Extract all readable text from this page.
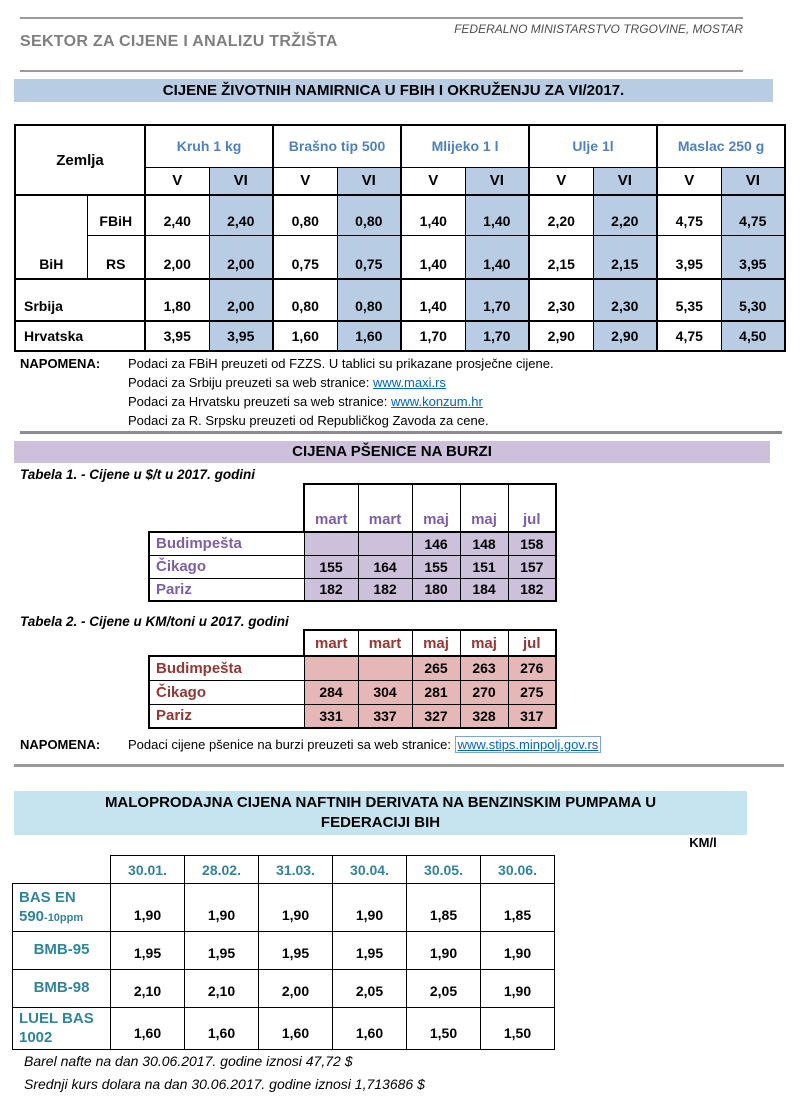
FEDERALNO MINISTARSTVO TRGOVINE, MOSTAR
SEKTOR ZA CIJENE I ANALIZU TRŽIŠTA
CIJENE ŽIVOTNIH NAMIRNICA U FBIH I OKRUŽENJU ZA VI/2017.
Zemlja		Kruh 1 kg		Brašno tip 500		Mlijeko 1 l		Ulje 1l		Maslac 250 g	
		V	VI	V	VI	V	VI	V	VI	V	VI
BiH	FBiH	2,40	2,40	0,80	0,80	1,40	1,40	2,20	2,20	4,75	4,75
	RS	2,00	2,00	0,75	0,75	1,40	1,40	2,15	2,15	3,95	3,95
Srbija		1,80	2,00	0,80	0,80	1,40	1,70	2,30	2,30	5,35	5,30
Hrvatska		3,95	3,95	1,60	1,60	1,70	1,70	2,90	2,90	4,75	4,50
NAPOMENA: Podaci za FBiH preuzeti od FZZS. U tablici su prikazane prosječne cijene.
Podaci za Srbiju preuzeti sa web stranice: www.maxi.rs
Podaci za Hrvatsku preuzeti sa web stranice: www.konzum.hr
Podaci za R. Srpsku preuzeti od Republičkog Zavoda za cene.
CIJENA PŠENICE NA BURZI
Tabela 1. - Cijene u $/t u 2017. godini
	mart	mart	maj	maj	jul
Budimpešta			146	148	158
Čikago	155	164	155	151	157
Pariz	182	182	180	184	182
Tabela 2. - Cijene u KM/toni u 2017. godini
	mart	mart	maj	maj	jul
Budimpešta			265	263	276
Čikago	284	304	281	270	275
Pariz	331	337	327	328	317
NAPOMENA: Podaci cijene pšenice na burzi preuzeti sa web stranice: www.stips.minpolj.gov.rs
MALOPRODAJNA CIJENA NAFTNIH DERIVATA NA BENZINSKIM PUMPAMA U
FEDERACIJI BIH
KM/l
	30.01.	28.02.	31.03.	30.04.	30.05.	30.06.
BAS EN
590-10ppm	1,90	1,90	1,90	1,90	1,85	1,85
BMB-95	1,95	1,95	1,95	1,95	1,90	1,90
BMB-98	2,10	2,10	2,00	2,05	2,05	1,90
LUEL BAS
1002	1,60	1,60	1,60	1,60	1,50	1,50
Barel nafte na dan 30.06.2017. godine iznosi 47,72 $
Srednji kurs dolara na dan 30.06.2017. godine iznosi 1,713686 $
